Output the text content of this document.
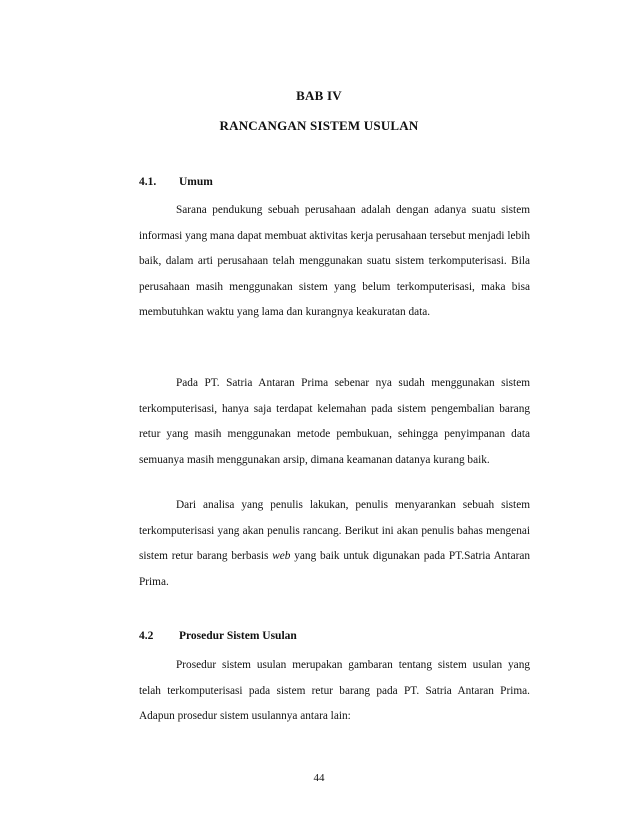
BAB IV
RANCANGAN SISTEM USULAN
4.1. Umum

Sarana pendukung sebuah perusahaan adalah dengan adanya suatu sistem informasi yang mana dapat membuat aktivitas kerja perusahaan tersebut menjadi lebih baik, dalam arti perusahaan telah menggunakan suatu sistem terkomputerisasi. Bila perusahaan masih menggunakan sistem yang belum terkomputerisasi, maka bisa membutuhkan waktu yang lama dan kurangnya keakuratan data.

Pada PT. Satria Antaran Prima sebenar nya sudah menggunakan sistem terkomputerisasi, hanya saja terdapat kelemahan pada sistem pengembalian barang retur yang masih menggunakan metode pembukuan, sehingga penyimpanan data semuanya masih menggunakan arsip, dimana keamanan datanya kurang baik.

Dari analisa yang penulis lakukan, penulis menyarankan sebuah sistem terkomputerisasi yang akan penulis rancang. Berikut ini akan penulis bahas mengenai sistem retur barang berbasis web yang baik untuk digunakan pada PT.Satria Antaran Prima.

4.2 Prosedur Sistem Usulan

Prosedur sistem usulan merupakan gambaran tentang sistem usulan yang telah terkomputerisasi pada sistem retur barang pada PT. Satria Antaran Prima. Adapun prosedur sistem usulannya antara lain:

44
